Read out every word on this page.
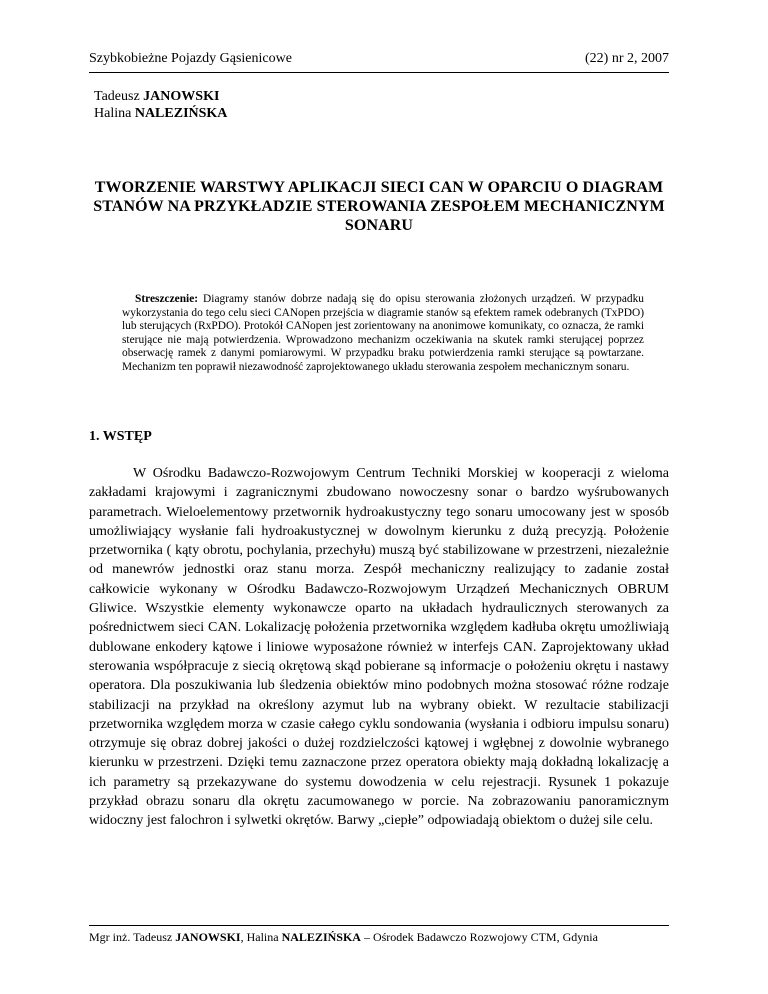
Szybkobieżne Pojazdy Gąsienicowe	(22) nr 2, 2007
Tadeusz JANOWSKI
Halina NALEZIŃSKA
TWORZENIE WARSTWY APLIKACJI SIECI CAN W OPARCIU O DIAGRAM STANÓW NA PRZYKŁADZIE STEROWANIA ZESPOŁEM MECHANICZNYM SONARU
Streszczenie: Diagramy stanów dobrze nadają się do opisu sterowania złożonych urządzeń. W przypadku wykorzystania do tego celu sieci CANopen przejścia w diagramie stanów są efektem ramek odebranych (TxPDO) lub sterujących (RxPDO). Protokół CANopen jest zorientowany na anonimowe komunikaty, co oznacza, że ramki sterujące nie mają potwierdzenia. Wprowadzono mechanizm oczekiwania na skutek ramki sterującej poprzez obserwację ramek z danymi pomiarowymi. W przypadku braku potwierdzenia ramki sterujące są powtarzane. Mechanizm ten poprawił niezawodność zaprojektowanego układu sterowania zespołem mechanicznym sonaru.
1. WSTĘP
W Ośrodku Badawczo-Rozwojowym Centrum Techniki Morskiej w kooperacji z wieloma zakładami krajowymi i zagranicznymi zbudowano nowoczesny sonar o bardzo wyśrubowanych parametrach. Wieloelementowy przetwornik hydroakustyczny tego sonaru umocowany jest w sposób umożliwiający wysłanie fali hydroakustycznej w dowolnym kierunku z dużą precyzją. Położenie przetwornika ( kąty obrotu, pochylania, przechyłu) muszą być stabilizowane w przestrzeni, niezależnie od manewrów jednostki oraz stanu morza. Zespół mechaniczny realizujący to zadanie został całkowicie wykonany w Ośrodku Badawczo-Rozwojowym Urządzeń Mechanicznych OBRUM Gliwice. Wszystkie elementy wykonawcze oparto na układach hydraulicznych sterowanych za pośrednictwem sieci CAN. Lokalizację położenia przetwornika względem kadłuba okrętu umożliwiają dublowane enkodery kątowe i liniowe wyposażone również w interfejs CAN. Zaprojektowany układ sterowania współpracuje z siecią okrętową skąd pobierane są informacje o położeniu okrętu i nastawy operatora. Dla poszukiwania lub śledzenia obiektów mino podobnych można stosować różne rodzaje stabilizacji na przykład na określony azymut lub na wybrany obiekt. W rezultacie stabilizacji przetwornika względem morza w czasie całego cyklu sondowania (wysłania i odbioru impulsu sonaru) otrzymuje się obraz dobrej jakości o dużej rozdzielczości kątowej i wgłębnej z dowolnie wybranego kierunku w przestrzeni. Dzięki temu zaznaczone przez operatora obiekty mają dokładną lokalizację a ich parametry są przekazywane do systemu dowodzenia w celu rejestracji. Rysunek 1 pokazuje przykład obrazu sonaru dla okrętu zacumowanego w porcie. Na zobrazowaniu panoramicznym widoczny jest falochron i sylwetki okrętów. Barwy „ciepłe” odpowiadają obiektom o dużej sile celu.
Mgr inż. Tadeusz JANOWSKI, Halina NALEZIŃSKA – Ośrodek Badawczo Rozwojowy CTM, Gdynia
